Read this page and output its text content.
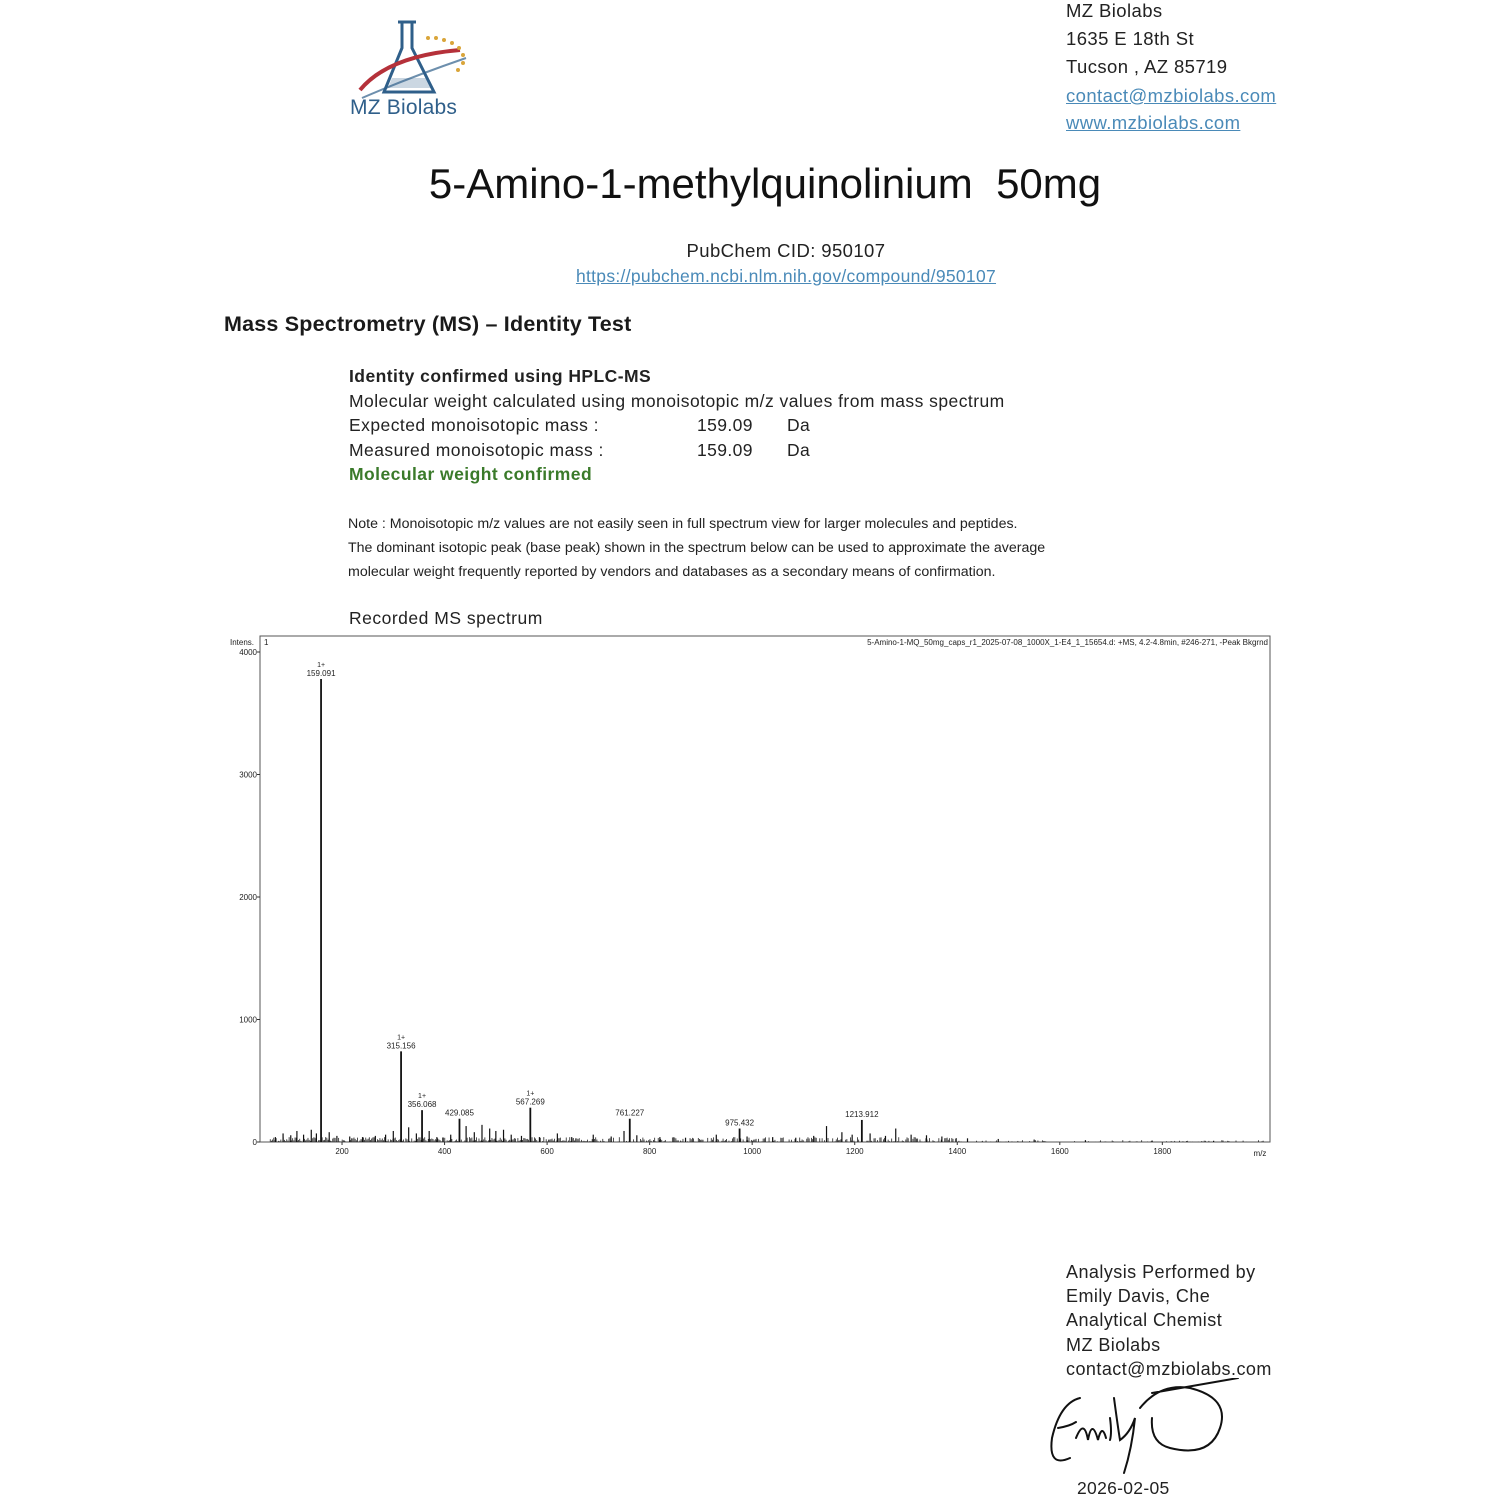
MZ Biolabs
MZ Biolabs
1635 E 18th St
Tucson , AZ 85719
contact@mzbiolabs.com
www.mzbiolabs.com
5-Amino-1-methylquinolinium  50mg
PubChem CID: 950107
https://pubchem.ncbi.nlm.nih.gov/compound/950107
Mass Spectrometry (MS) – Identity Test
Identity confirmed using HPLC-MS
Molecular weight calculated using monoisotopic m/z values from mass spectrum
Expected monoisotopic mass :	159.09 Da
Measured monoisotopic mass :	159.09 Da
Molecular weight confirmed
Note : Monoisotopic m/z values are not easily seen in full spectrum view for larger molecules and peptides.
The dominant isotopic peak (base peak) shown in the spectrum below can be used to approximate the average
molecular weight frequently reported by vendors and databases as a secondary means of confirmation.
Recorded MS spectrum
5-Amino-1-MQ_50mg_caps_r1_2025-07-08_1000X_1-E4_1_15654.d: +MS, 4.2-4.8min, #246-271, -Peak Bkgrnd
Intens. 1
m/z
0
1000
2000
3000
4000
200	400	600	800	1000	1200	1400	1600	1800
159.091
1+
315.156
1+
356.068
1+
429.085
567.269
1+
761.227
975.432
1213.912
Analysis Performed by
Emily Davis, Che
Analytical Chemist
MZ Biolabs
contact@mzbiolabs.com
2026-02-05
